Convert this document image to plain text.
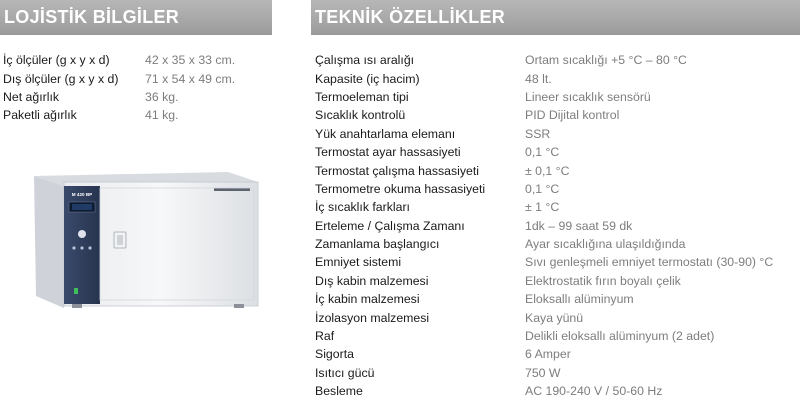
LOJİSTİK BİLGİLER	TEKNİK ÖZELLİKLER
İç ölçüler (g x y x d)	42 x 35 x 33 cm.
Dış ölçüler (g x y x d)	71 x 54 x 49 cm.
Net ağırlık	36 kg.
Paketli ağırlık	41 kg.
Çalışma ısı aralığı	Ortam sıcaklığı +5 °C – 80 °C
Kapasite (iç hacim)	48 lt.
Termoeleman tipi	Lineer sıcaklık sensörü
Sıcaklık kontrolü	PID Dijital kontrol
Yük anahtarlama elemanı	SSR
Termostat ayar hassasiyeti	0,1 °C
Termostat çalışma hassasiyeti	± 0,1 °C
Termometre okuma hassasiyeti	0,1 °C
İç sıcaklık farkları	± 1 °C
Erteleme / Çalışma Zamanı	1dk – 99 saat 59 dk
Zamanlama başlangıcı	Ayar sıcaklığına ulaşıldığında
Emniyet sistemi	Sıvı genleşmeli emniyet termostatı (30-90) °C
Dış kabin malzemesi	Elektrostatik fırın boyalı çelik
İç kabin malzemesi	Eloksallı alüminyum
İzolasyon malzemesi	Kaya yünü
Raf	Delikli eloksallı alüminyum (2 adet)
Sigorta	6 Amper
Isıtıcı gücü	750 W
Besleme	AC 190-240 V / 50-60 Hz
M 420 BP
